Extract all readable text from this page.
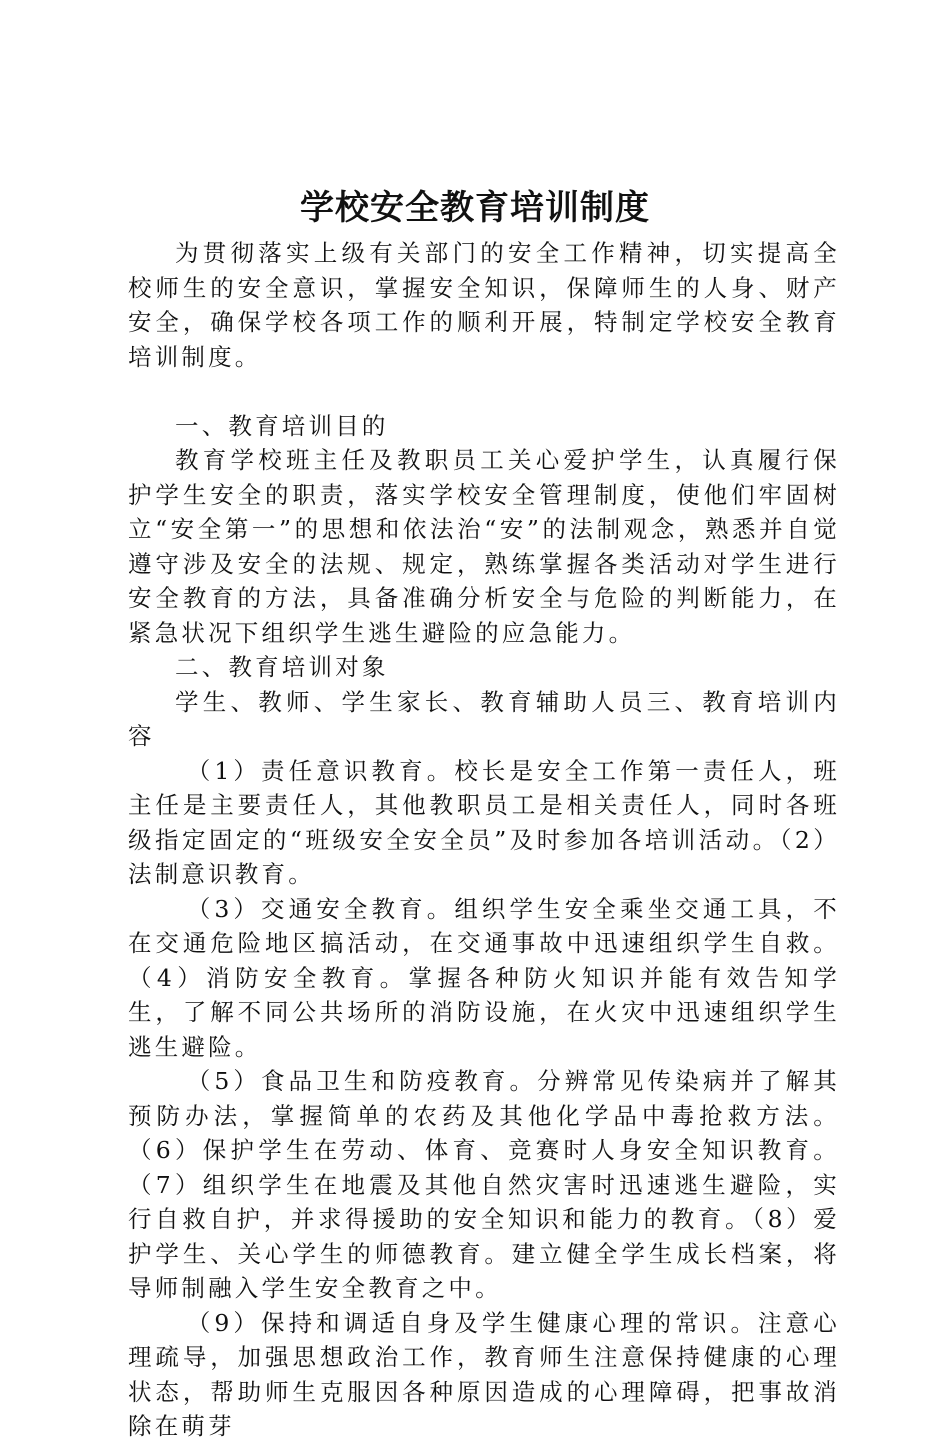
学校安全教育培训制度

为贯彻落实上级有关部门的安全工作精神，切实提高全校师生的安全意识，掌握安全知识，保障师生的人身、财产安全，确保学校各项工作的顺利开展，特制定学校安全教育培训制度。

一、教育培训目的

教育学校班主任及教职员工关心爱护学生，认真履行保护学生安全的职责，落实学校安全管理制度，使他们牢固树立“安全第一”的思想和依法治“安”的法制观念，熟悉并自觉遵守涉及安全的法规、规定，熟练掌握各类活动对学生进行安全教育的方法，具备准确分析安全与危险的判断能力，在紧急状况下组织学生逃生避险的应急能力。

二、教育培训对象

学生、教师、学生家长、教育辅助人员三、教育培训内容

（1）责任意识教育。校长是安全工作第一责任人，班主任是主要责任人，其他教职员工是相关责任人，同时各班级指定固定的“班级安全安全员”及时参加各培训活动。（2）法制意识教育。

（3）交通安全教育。组织学生安全乘坐交通工具，不在交通危险地区搞活动，在交通事故中迅速组织学生自救。（4）消防安全教育。掌握各种防火知识并能有效告知学生，了解不同公共场所的消防设施，在火灾中迅速组织学生逃生避险。

（5）食品卫生和防疫教育。分辨常见传染病并了解其预防办法，掌握简单的农药及其他化学品中毒抢救方法。（6）保护学生在劳动、体育、竞赛时人身安全知识教育。（7）组织学生在地震及其他自然灾害时迅速逃生避险，实行自救自护，并求得援助的安全知识和能力的教育。（8）爱护学生、关心学生的师德教育。建立健全学生成长档案，将导师制融入学生安全教育之中。

（9）保持和调适自身及学生健康心理的常识。注意心理疏导，加强思想政治工作，教育师生注意保持健康的心理状态，帮助师生克服因各种原因造成的心理障碍，把事故消除在萌芽
